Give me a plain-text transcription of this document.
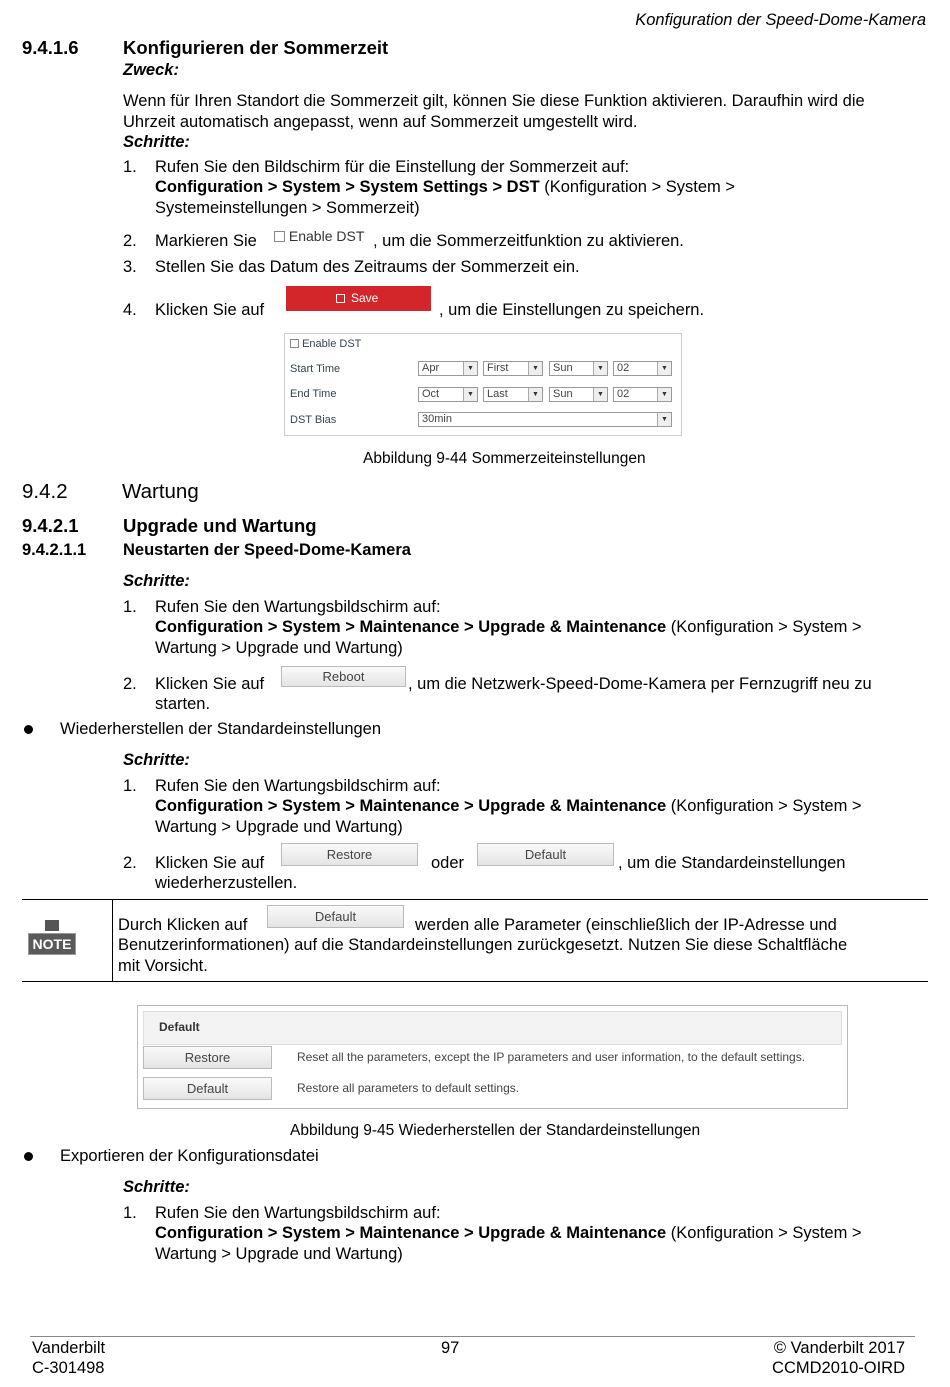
Konfiguration der Speed-Dome-Kamera
9.4.1.6 Konfigurieren der Sommerzeit
Zweck:
Wenn für Ihren Standort die Sommerzeit gilt, können Sie diese Funktion aktivieren. Daraufhin wird die
Uhrzeit automatisch angepasst, wenn auf Sommerzeit umgestellt wird.
Schritte:
1. Rufen Sie den Bildschirm für die Einstellung der Sommerzeit auf:
Configuration > System > System Settings > DST (Konfiguration > System >
Systemeinstellungen > Sommerzeit)
2. Markieren Sie	Enable DST , um die Sommerzeitfunktion zu aktivieren.
3. Stellen Sie das Datum des Zeitraums der Sommerzeit ein.
4. Klicken Sie auf
Save
, um die Einstellungen zu speichern.
Enable DST
Start Time	Apr	▼	First	▼	Sun	▼	02	▼
End Time	Oct	▼	Last	▼	Sun	▼	02	▼
DST Bias	30min	▼
Abbildung 9-44 Sommerzeiteinstellungen
9.4.2	Wartung
9.4.2.1 Upgrade und Wartung
9.4.2.1.1 Neustarten der Speed-Dome-Kamera
Schritte:
1. Rufen Sie den Wartungsbildschirm auf:
Configuration > System > Maintenance > Upgrade & Maintenance (Konfiguration > System >
Wartung > Upgrade und Wartung)
2. Klicken Sie auf	Reboot	, um die Netzwerk-Speed-Dome-Kamera per Fernzugriff neu zu
starten.
Wiederherstellen der Standardeinstellungen
Schritte:
1. Rufen Sie den Wartungsbildschirm auf:
Configuration > System > Maintenance > Upgrade & Maintenance (Konfiguration > System >
Wartung > Upgrade und Wartung)
2. Klicken Sie auf	Restore	oder	Default	, um die Standardeinstellungen
wiederherzustellen.
NOTE
Durch Klicken auf	Default	werden alle Parameter (einschließlich der IP-Adresse und
Benutzerinformationen) auf die Standardeinstellungen zurückgesetzt. Nutzen Sie diese Schaltfläche
mit Vorsicht.
Default
Restore	Reset all the parameters, except the IP parameters and user information, to the default settings.
Default	Restore all parameters to default settings.
Abbildung 9-45 Wiederherstellen der Standardeinstellungen
Exportieren der Konfigurationsdatei
Schritte:
1. Rufen Sie den Wartungsbildschirm auf:
Configuration > System > Maintenance > Upgrade & Maintenance (Konfiguration > System >
Wartung > Upgrade und Wartung)
Vanderbilt
C-301498
97	© Vanderbilt 2017
CCMD2010-OIRD
